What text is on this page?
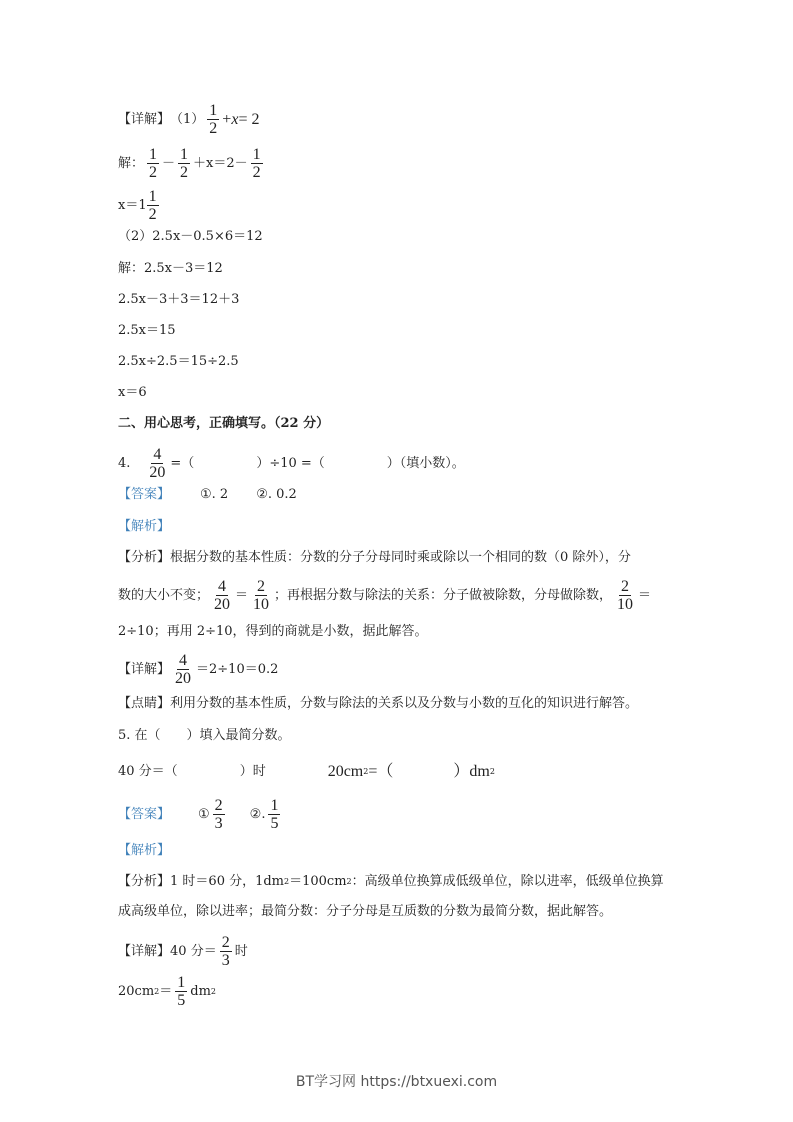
【详解】 $(1) \frac{1}{2} + x = 2$
解： $\frac{1}{2} - \frac{1}{2} +x=2- \frac{1}{2}$
$x=1 \frac{1}{2}$
（2）2.5x－0.5×6＝12
解：2.5x－3＝12
2.5x－3＋3＝12＋3
2.5x＝15
2.5x÷2.5＝15÷2.5
x＝6
二、用心思考，正确填写。（22 分）
4. $\frac{4}{20}$ =（	）÷10 =（	）（填小数）。
【答案】 ①. 2 ②. 0.2
【解析】
【分析】 根据分数的基本性质：分数的分子分母同时乘或除以一个相同的数（0 除外），分
数的大小不变； $\frac{4}{20} = \frac{2}{10}$ ；再根据分数与除法的关系：分子做被除数，分母做除数， $\frac{2}{10}$ ＝
2÷10；再用 2÷10，得到的商就是小数，据此解答。
【详解】 $\frac{4}{20} =2\div 10=0.2$
【点睛】 利用分数的基本性质，分数与除法的关系以及分数与小数的互化的知识进行解答。
5. 在（　　）填入最简分数。
40 分＝（	）时	20cm 2 =（	）dm 2
【答案】 ① $\frac{2}{3}$ ②. $\frac{1}{5}$
【解析】
【分析】 1 时＝60 分，1dm 2 ＝100cm 2 ：高级单位换算成低级单位，除以进率，低级单位换算
成高级单位，除以进率；最简分数：分子分母是互质数的分数为最简分数，据此解答。
【详解】 40 分＝ $\frac{2}{3}$ 时
20cm $2 = \frac{1}{5}$ dm 2
BT学习网 https://btxuexi.com
